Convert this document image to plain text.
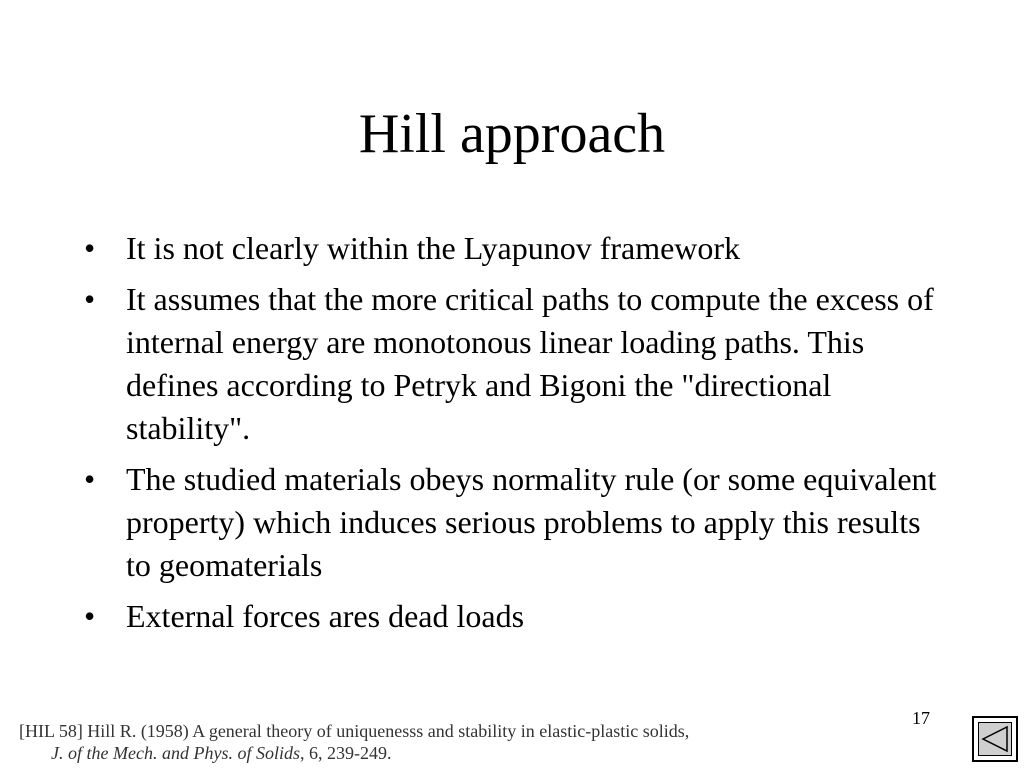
Hill approach
• It is not clearly within the Lyapunov framework
• It assumes that the more critical paths to compute the excess of internal energy are monotonous linear loading paths. This defines according to Petryk and Bigoni the "directional stability".
• The studied materials obeys normality rule (or some equivalent property) which induces serious problems to apply this results to geomaterials
• External forces ares dead loads
17
[HIL 58] Hill R. (1958) A general theory of uniquenesss and stability in elastic-plastic solids,
J. of the Mech. and Phys. of Solids, 6, 239-249.
